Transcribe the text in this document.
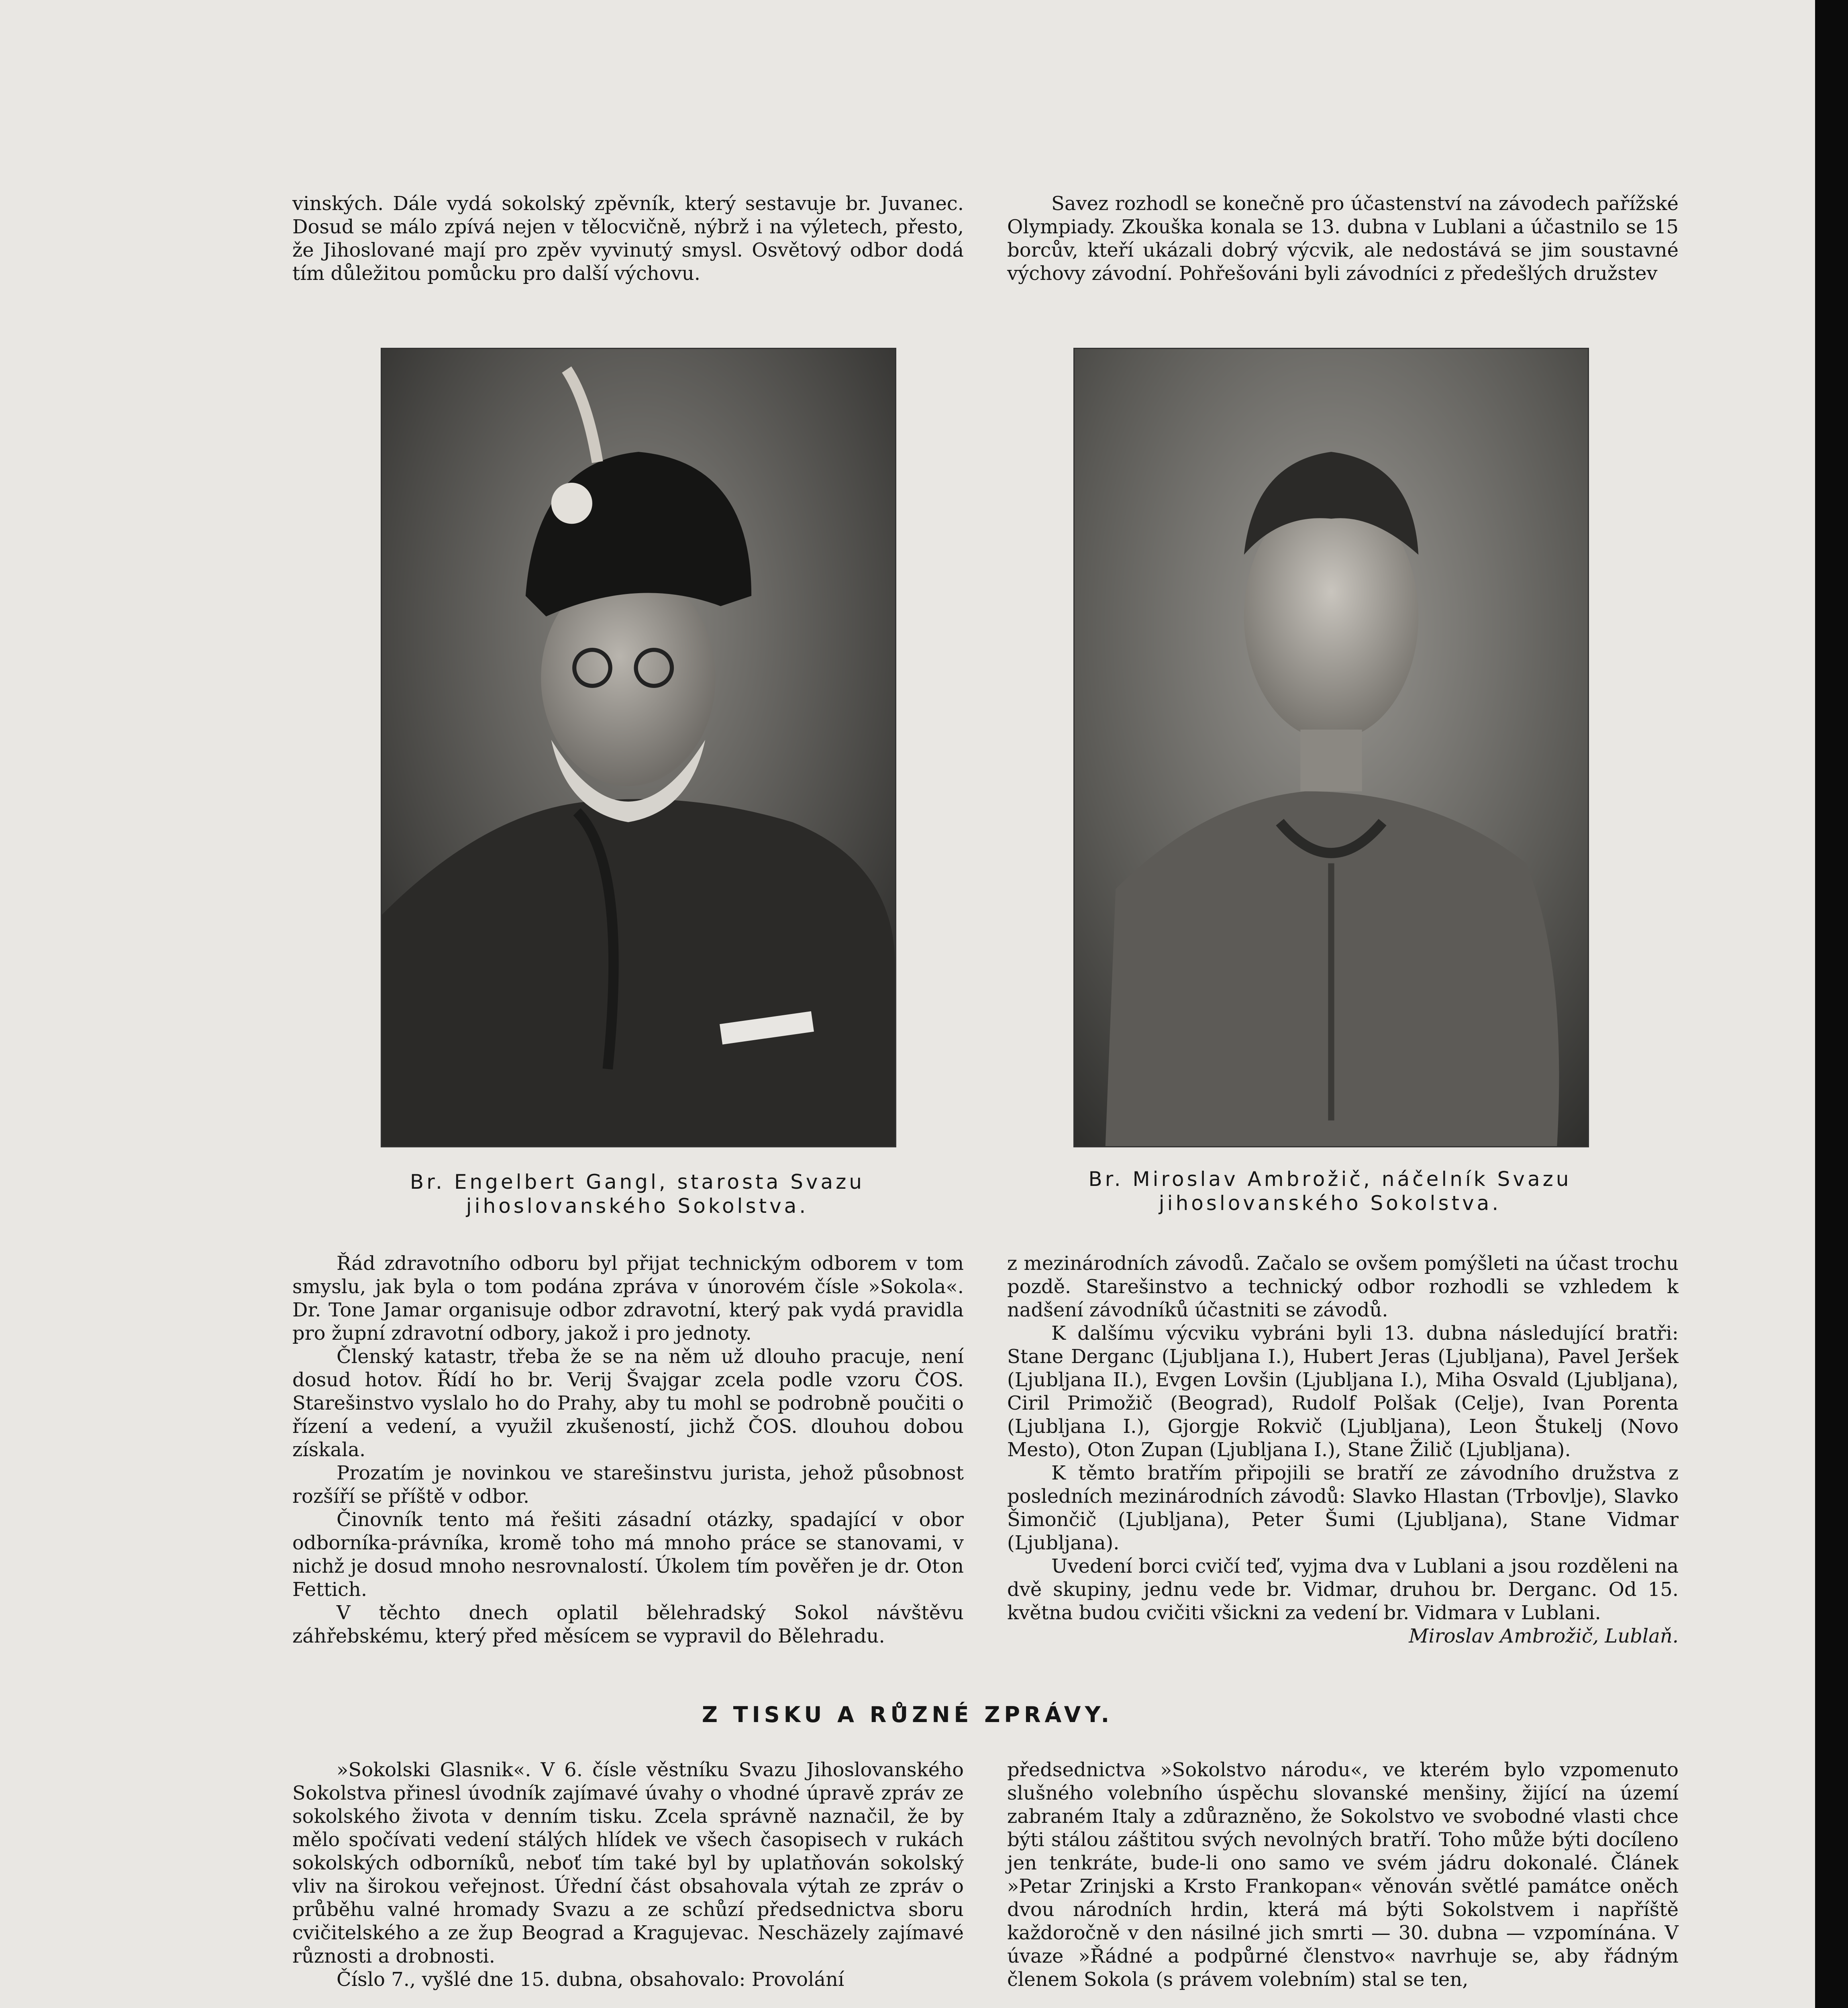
vinských. Dále vydá sokolský zpěvník, který sestavuje br. Juvanec. Dosud se málo zpívá nejen v tělocvičně, nýbrž i na výletech, přesto, že Jihoslované mají pro zpěv vyvinutý smysl. Osvětový odbor dodá tím důležitou pomůcku pro další výchovu.

Savez rozhodl se konečně pro účastenství na závodech pařížské Olympiady. Zkouška konala se 13. dubna v Lublani a účastnilo se 15 borcův, kteří ukázali dobrý výcvik, ale nedostává se jim soustavné výchovy závodní. Pohřešováni byli závodníci z předešlých družstev

Br. Engelbert Gangl, starosta Svazu jihoslovanského Sokolstva.
Br. Miroslav Ambrožič, náčelník Svazu jihoslovanského Sokolstva.

Řád zdravotního odboru byl přijat technickým odborem v tom smyslu, jak byla o tom podána zpráva v únorovém čísle »Sokola«. Dr. Tone Jamar organisuje odbor zdravotní, který pak vydá pravidla pro župní zdravotní odbory, jakož i pro jednoty.

Členský katastr, třeba že se na něm už dlouho pracuje, není dosud hotov. Řídí ho br. Verij Švajgar zcela podle vzoru ČOS. Starešinstvo vyslalo ho do Prahy, aby tu mohl se podrobně poučiti o řízení a vedení, a využil zkušeností, jichž ČOS. dlouhou dobou získala.

Prozatím je novinkou ve starešinstvu jurista, jehož působnost rozšíří se příště v odbor.

Činovník tento má řešiti zásadní otázky, spadající v obor odborníka-právníka, kromě toho má mnoho práce se stanovami, v nichž je dosud mnoho nesrovnalostí. Úkolem tím pověřen je dr. Oton Fettich.

V těchto dnech oplatil bělehradský Sokol návštěvu záhřebskému, který před měsícem se vypravil do Bělehradu.

z mezinárodních závodů. Začalo se ovšem pomýšleti na účast trochu pozdě. Starešinstvo a technický odbor rozhodli se vzhledem k nadšení závodníků účastniti se závodů.

K dalšímu výcviku vybráni byli 13. dubna následující bratři: Stane Derganc (Ljubljana I.), Hubert Jeras (Ljubljana), Pavel Jeršek (Ljubljana II.), Evgen Lovšin (Ljubljana I.), Miha Osvald (Ljubljana), Ciril Primožič (Beograd), Rudolf Polšak (Celje), Ivan Porenta (Ljubljana I.), Gjorgje Rokvič (Ljubljana), Leon Štukelj (Novo Mesto), Oton Zupan (Ljubljana I.), Stane Žilič (Ljubljana).

K těmto bratřím připojili se bratří ze závodního družstva z posledních mezinárodních závodů: Slavko Hlastan (Trbovlje), Slavko Šimončič (Ljubljana), Peter Šumi (Ljubljana), Stane Vidmar (Ljubljana).

Uvedení borci cvičí teď, vyjma dva v Lublani a jsou rozděleni na dvě skupiny, jednu vede br. Vidmar, druhou br. Derganc. Od 15. května budou cvičiti všickni za vedení br. Vidmara v Lublani.

Miroslav Ambrožič, Lublaň.

Z TISKU A RŮZNÉ ZPRÁVY.

»Sokolski Glasnik«. V 6. čísle věstníku Svazu Jihoslovanského Sokolstva přinesl úvodník zajímavé úvahy o vhodné úpravě zpráv ze sokolského života v denním tisku. Zcela správně naznačil, že by mělo spočívati vedení stálých hlídek ve všech časopisech v rukách sokolských odborníků, neboť tím také byl by uplatňován sokolský vliv na širokou veřejnost. Úřední část obsahovala výtah ze zpráv o průběhu valné hromady Svazu a ze schůzí předsednictva sboru cvičitelského a ze žup Beograd a Kragujevac. Neschäzely zajímavé různosti a drobnosti.

Číslo 7., vyšlé dne 15. dubna, obsahovalo: Provolání

předsednictva »Sokolstvo národu«, ve kterém bylo vzpomenuto slušného volebního úspěchu slovanské menšiny, žijící na území zabraném Italy a zdůrazněno, že Sokolstvo ve svobodné vlasti chce býti stálou záštitou svých nevolných bratří. Toho může býti docíleno jen tenkráte, bude-li ono samo ve svém jádru dokonalé. Článek »Petar Zrinjski a Krsto Frankopan« věnován světlé památce oněch dvou národních hrdin, která má býti Sokolstvem i napříště každoročně v den násilné jich smrti — 30. dubna — vzpomínána. V úvaze »Řádné a podpůrné členstvo« navrhuje se, aby řádným členem Sokola (s právem volebním) stal se ten,
